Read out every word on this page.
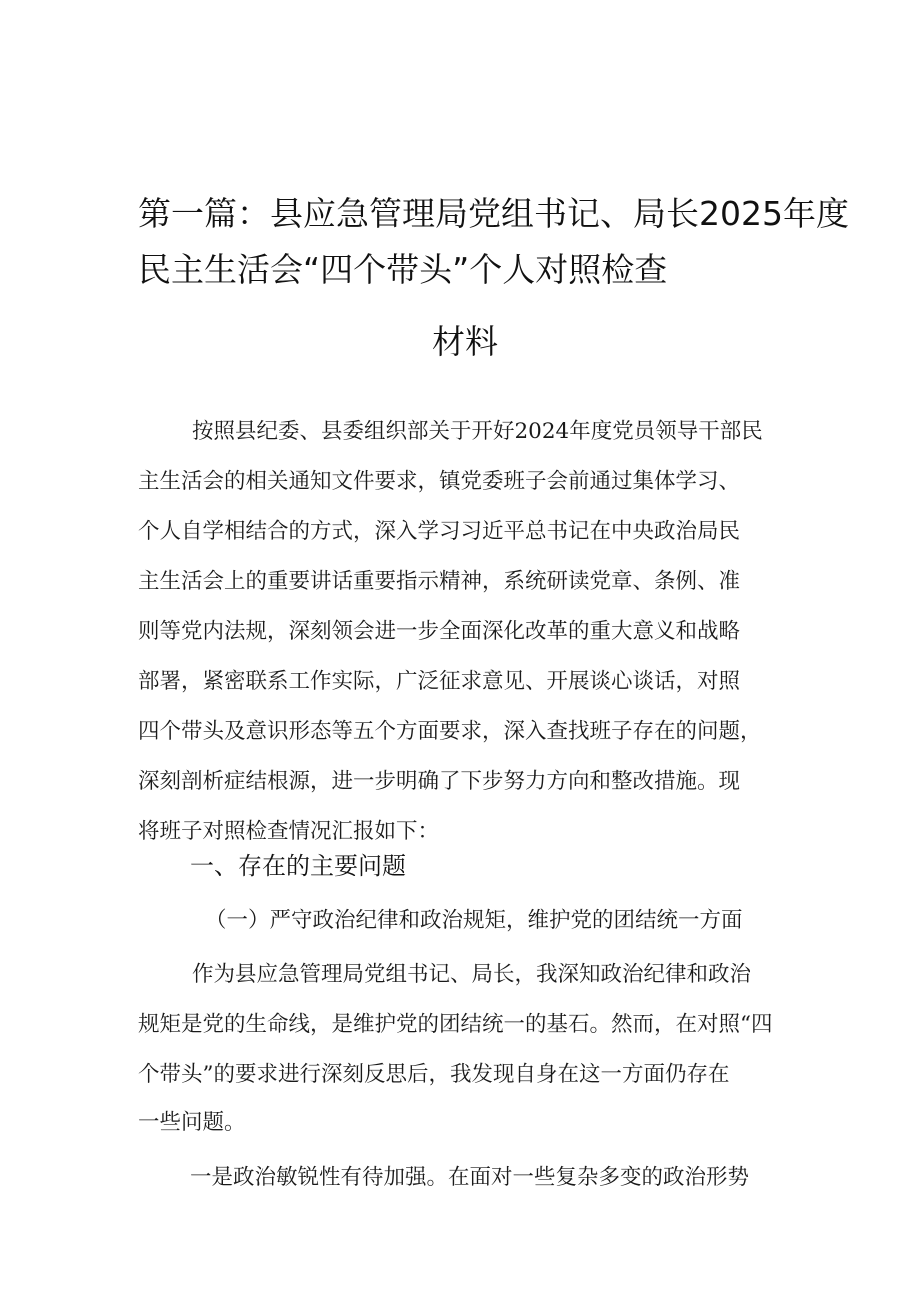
第一篇：县应急管理局党组书记、局长2025年度
民主生活会“四个带头”个人对照检查
材料
按照县纪委、县委组织部关于开好2024年度党员领导干部民
主生活会的相关通知文件要求，镇党委班子会前通过集体学习、
个人自学相结合的方式，深入学习习近平总书记在中央政治局民
主生活会上的重要讲话重要指示精神，系统研读党章、条例、准
则等党内法规，深刻领会进一步全面深化改革的重大意义和战略
部署，紧密联系工作实际，广泛征求意见、开展谈心谈话，对照
四个带头及意识形态等五个方面要求，深入查找班子存在的问题，
深刻剖析症结根源，进一步明确了下步努力方向和整改措施。现
将班子对照检查情况汇报如下：
一、存在的主要问题
（一）严守政治纪律和政治规矩，维护党的团结统一方面
作为县应急管理局党组书记、局长，我深知政治纪律和政治
规矩是党的生命线，是维护党的团结统一的基石。然而，在对照“四
个带头”的要求进行深刻反思后，我发现自身在这一方面仍存在
一些问题。
一是政治敏锐性有待加强。在面对一些复杂多变的政治形势
